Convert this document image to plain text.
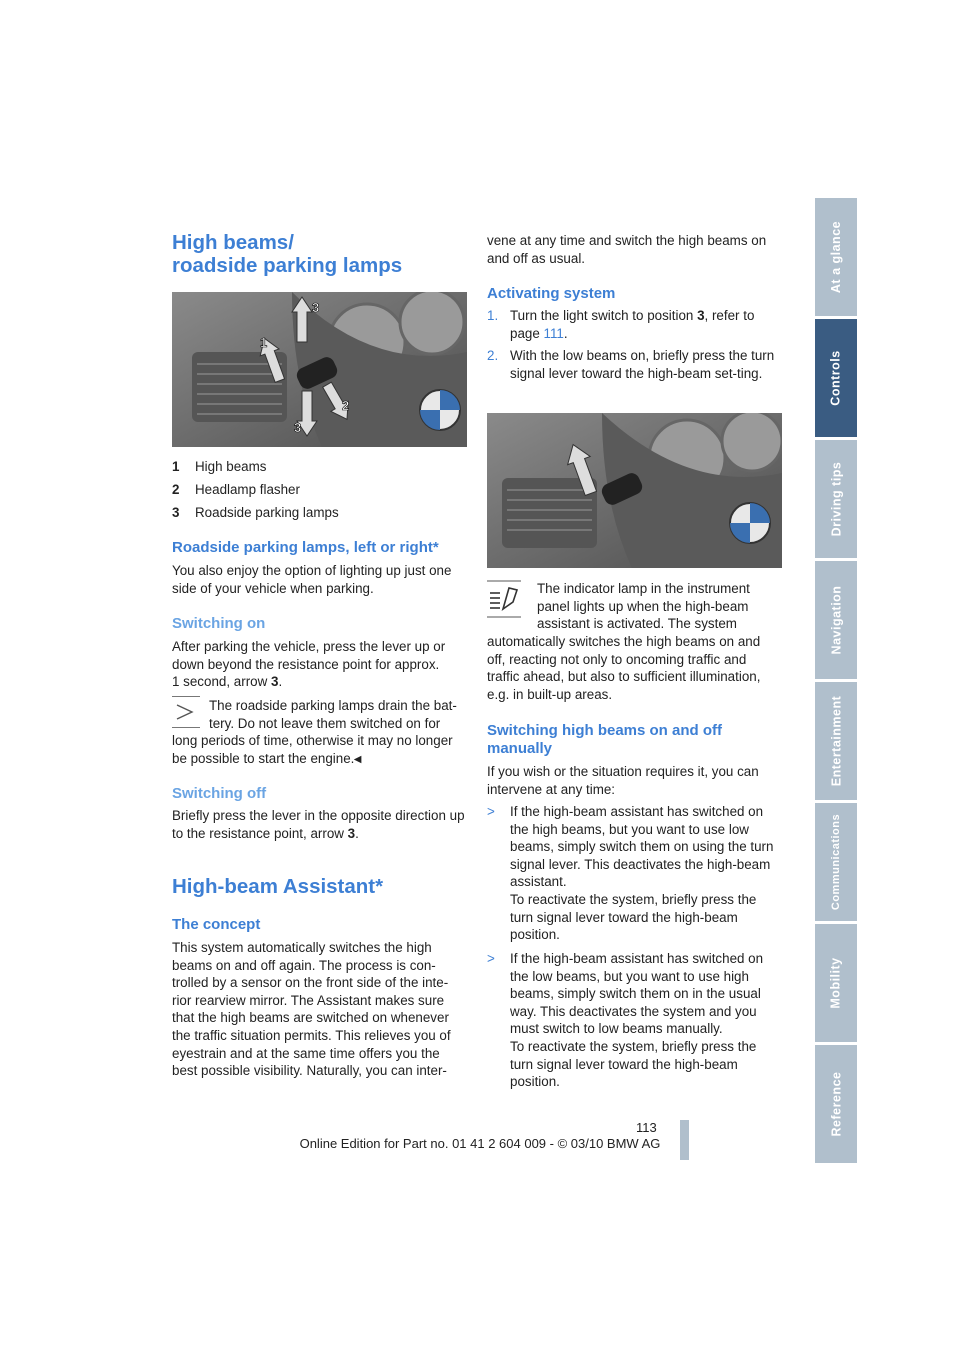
High beams/
roadside parking lamps
1
3
3
2

1 High beams

2 Headlamp flasher

3 Roadside parking lamps

Roadside parking lamps, left or right*

You also enjoy the option of lighting up just one side of your vehicle when parking.

Switching on

After parking the vehicle, press the lever up or down beyond the resistance point for approx.
1 second, arrow 3.

The roadside parking lamps drain the bat-

tery. Do not leave them switched on for

long periods of time, otherwise it may no longer be possible to start the engine.◂

Switching off

Briefly press the lever in the opposite direction up to the resistance point, arrow 3.

High-beam Assistant*
The concept

This system automatically switches the high beams on and off again. The process is con-trolled by a sensor on the front side of the inte-rior rearview mirror. The Assistant makes sure that the high beams are switched on whenever the traffic situation permits. This relieves you of eyestrain and at the same time offers you the best possible visibility. Naturally, you can inter-

vene at any time and switch the high beams on and off as usual.

Activating system
1. Turn the light switch to position 3, refer to page 111.
2. With the low beams on, briefly press the turn signal lever toward the high-beam set-ting.

The indicator lamp in the instrument

panel lights up when the high-beam

assistant is activated. The system

automatically switches the high beams on and off, reacting not only to oncoming traffic and traffic ahead, but also to sufficient illumination, e.g. in built-up areas.

Switching high beams on and off manually

If you wish or the situation requires it, you can intervene at any time:

> If the high-beam assistant has switched on the high beams, but you want to use low beams, simply switch them on using the turn signal lever. This deactivates the high-beam assistant.
To reactivate the system, briefly press the turn signal lever toward the high-beam position.
> If the high-beam assistant has switched on the low beams, but you want to use high beams, simply switch them on in the usual way. This deactivates the system and you must switch to low beams manually.
To reactivate the system, briefly press the turn signal lever toward the high-beam position.
At a glance
Controls
Driving tips
Navigation
Entertainment
Communications
Mobility
Reference
113
Online Edition for Part no. 01 41 2 604 009 - © 03/10 BMW AG
